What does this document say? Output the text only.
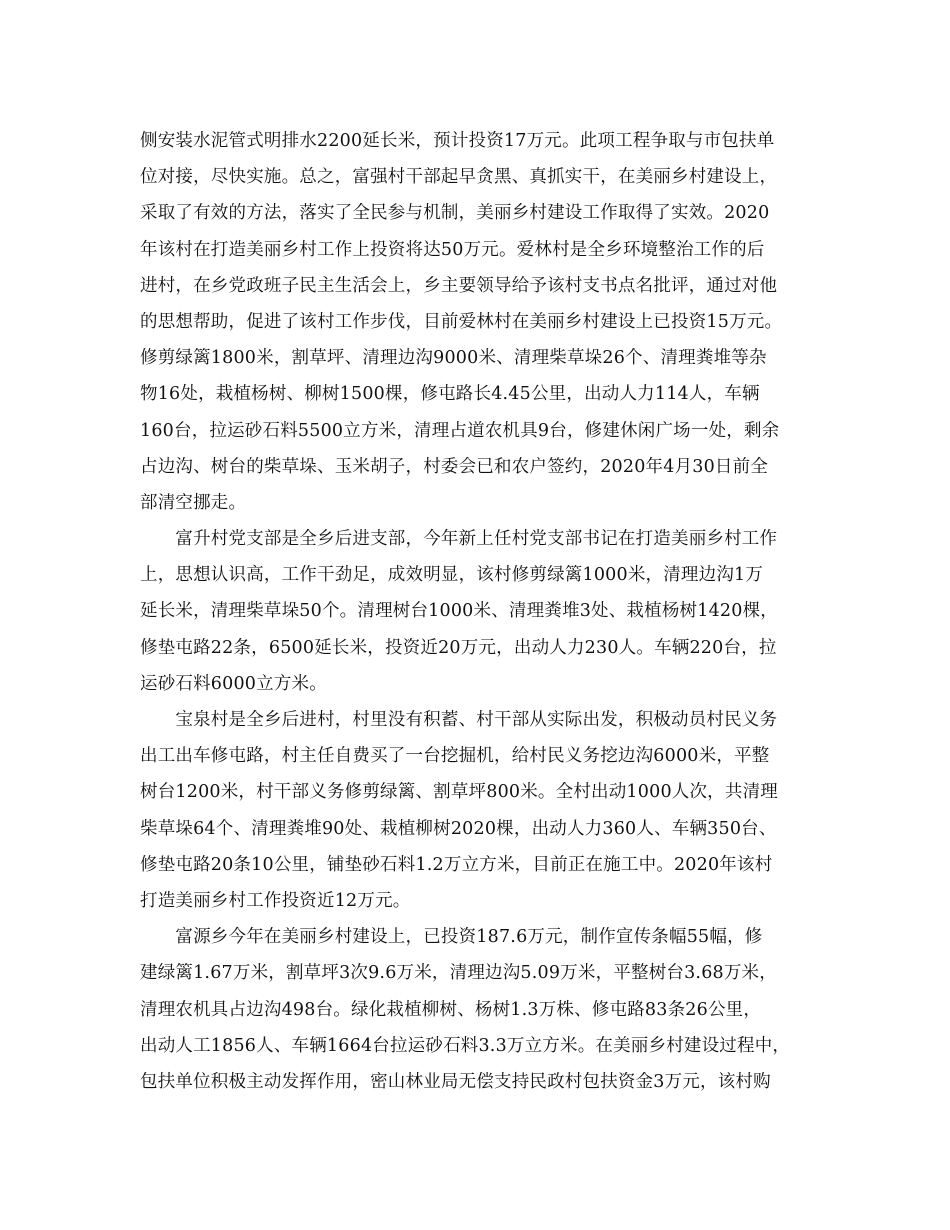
侧安装水泥管式明排水2200延长米，预计投资17万元。此项工程争取与市包扶单
位对接，尽快实施。总之，富强村干部起早贪黑、真抓实干，在美丽乡村建设上，
采取了有效的方法，落实了全民参与机制，美丽乡村建设工作取得了实效。2020
年该村在打造美丽乡村工作上投资将达50万元。爱林村是全乡环境整治工作的后
进村，在乡党政班子民主生活会上，乡主要领导给予该村支书点名批评，通过对他
的思想帮助，促进了该村工作步伐，目前爱林村在美丽乡村建设上已投资15万元。
修剪绿篱1800米，割草坪、清理边沟9000米、清理柴草垛26个、清理粪堆等杂
物16处，栽植杨树、柳树1500棵，修屯路长4.45公里，出动人力114人，车辆
160台，拉运砂石料5500立方米，清理占道农机具9台，修建休闲广场一处，剩余
占边沟、树台的柴草垛、玉米胡子，村委会已和农户签约，2020年4月30日前全
部清空挪走。

　　富升村党支部是全乡后进支部，今年新上任村党支部书记在打造美丽乡村工作
上，思想认识高，工作干劲足，成效明显，该村修剪绿篱1000米，清理边沟1万
延长米，清理柴草垛50个。清理树台1000米、清理粪堆3处、栽植杨树1420棵，
修垫屯路22条，6500延长米，投资近20万元，出动人力230人。车辆220台，拉
运砂石料6000立方米。

　　宝泉村是全乡后进村，村里没有积蓄、村干部从实际出发，积极动员村民义务
出工出车修屯路，村主任自费买了一台挖掘机，给村民义务挖边沟6000米，平整
树台1200米，村干部义务修剪绿篱、割草坪800米。全村出动1000人次，共清理
柴草垛64个、清理粪堆90处、栽植柳树2020棵，出动人力360人、车辆350台、
修垫屯路20条10公里，铺垫砂石料1.2万立方米，目前正在施工中。2020年该村
打造美丽乡村工作投资近12万元。

　　富源乡今年在美丽乡村建设上，已投资187.6万元，制作宣传条幅55幅，修
建绿篱1.67万米，割草坪3次9.6万米，清理边沟5.09万米，平整树台3.68万米，
清理农机具占边沟498台。绿化栽植柳树、杨树1.3万株、修屯路83条26公里，
出动人工1856人、车辆1664台拉运砂石料3.3万立方米。在美丽乡村建设过程中，
包扶单位积极主动发挥作用，密山林业局无偿支持民政村包扶资金3万元，该村购
